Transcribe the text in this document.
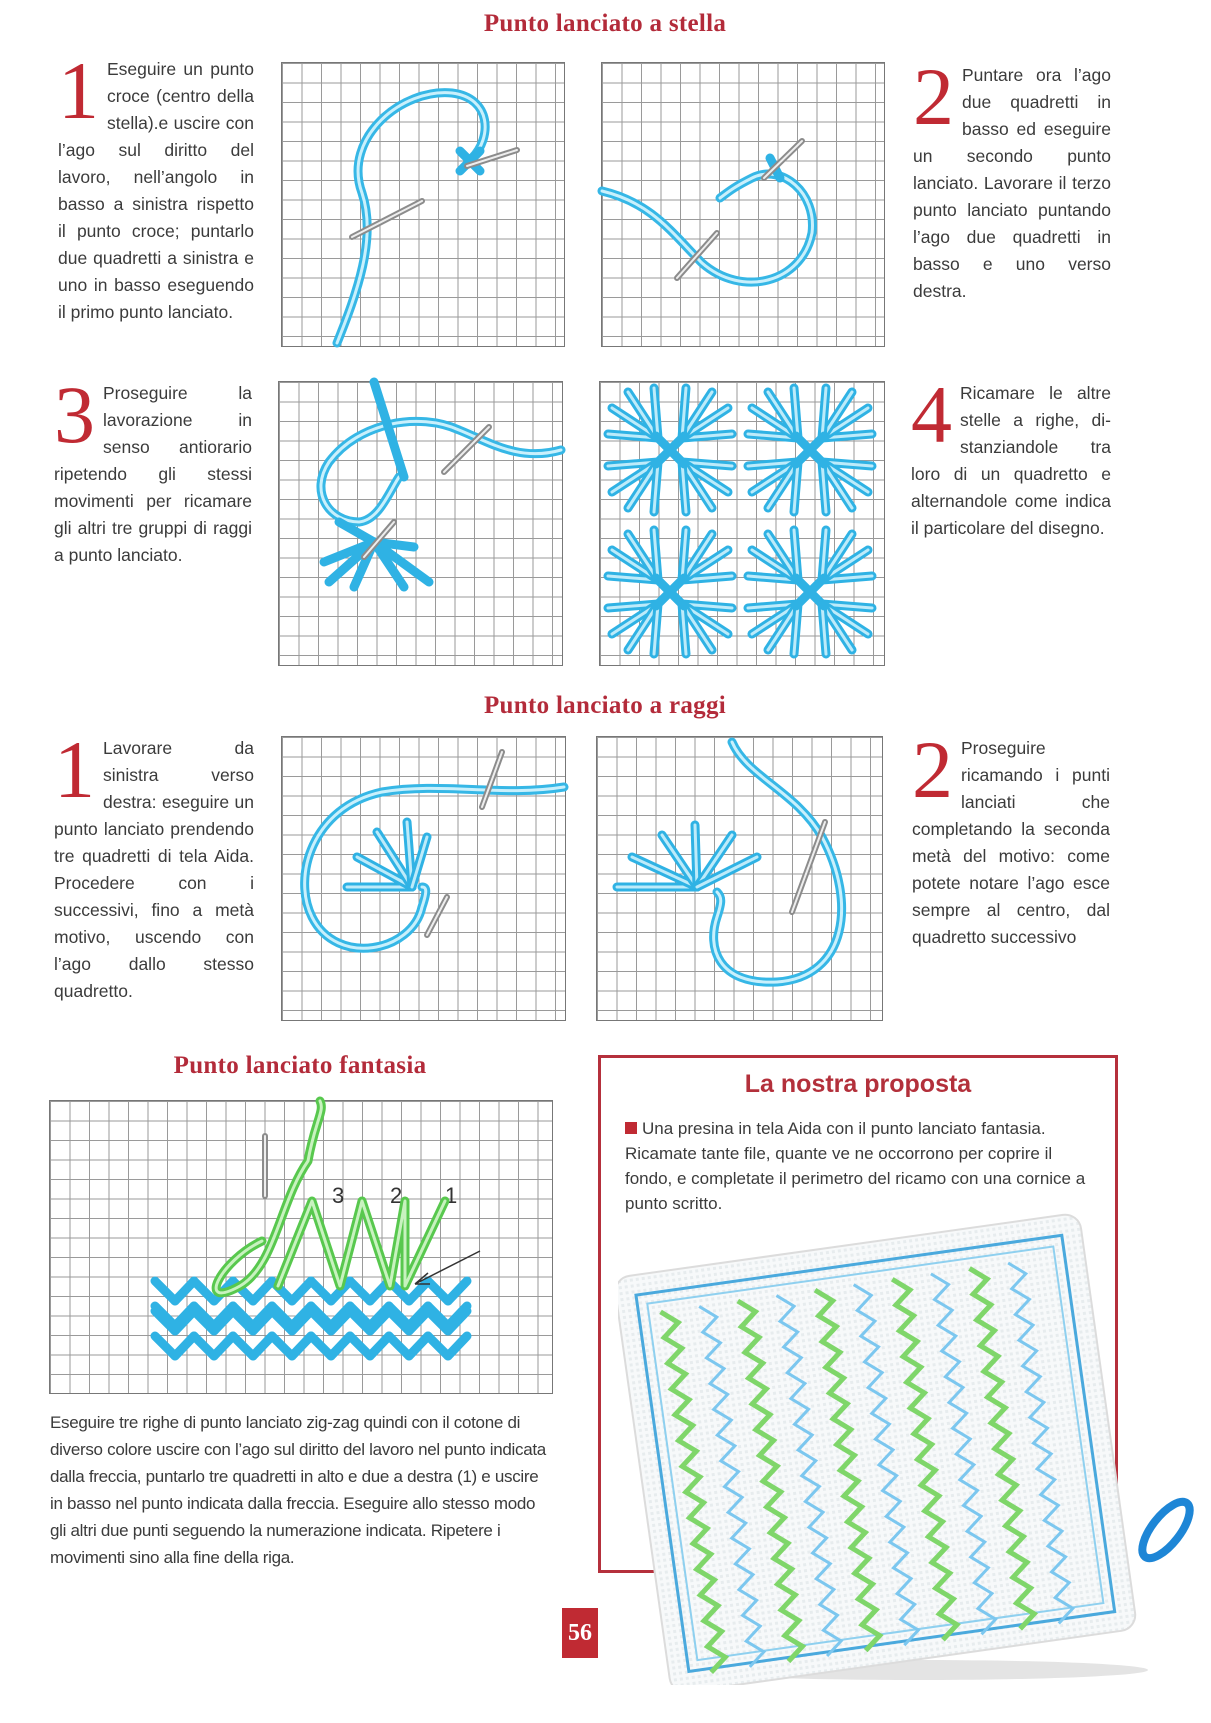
Punto lanciato a stella
1 Eseguire un punto croce (centro della stella).e uscire con l’ago sul diritto del lavoro, nell’angolo in basso a sinistra rispetto il punto croce; puntarlo due quadretti a sinistra e uno in basso eseguendo il primo punto lanciato.
2 Puntare ora l’ago due quadretti in basso ed eseguire un secondo punto lanciato. Lavorare il terzo punto lanciato puntando l’ago due quadretti in basso e uno verso destra.
3 Proseguire la lavorazione in senso antiorario ripetendo gli stessi movimenti per ricamare gli altri tre gruppi di raggi a punto lanciato.
4 Ricamare le altre stelle a righe, di-stanziandole tra loro di un quadretto e alternandole come indica il particolare del disegno.
Punto lanciato a raggi
1 Lavorare da sinistra verso destra: eseguire un punto lanciato prendendo tre quadretti di tela Aida. Procedere con i successivi, fino a metà motivo, uscendo con l’ago dallo stesso quadretto.
2 Proseguire ricamando i punti lanciati che completando la seconda metà del motivo: come potete notare l’ago esce sempre al centro, dal quadretto successivo
Punto lanciato fantasia
3 2 1
Eseguire tre righe di punto lanciato zig-zag quindi con il cotone di diverso colore uscire con l’ago sul diritto del lavoro nel punto indicata dalla freccia, puntarlo tre quadretti in alto e due a destra (1) e uscire in basso nel punto indicata dalla freccia. Eseguire allo stesso modo gli altri due punti seguendo la numerazione indicata. Ripetere i movimenti sino alla fine della riga.
La nostra proposta
Una presina in tela Aida con il punto lanciato fantasia. Ricamate tante file, quante ve ne occorrono per coprire il fondo, e completate il perimetro del ricamo con una cornice a punto scritto.
56
